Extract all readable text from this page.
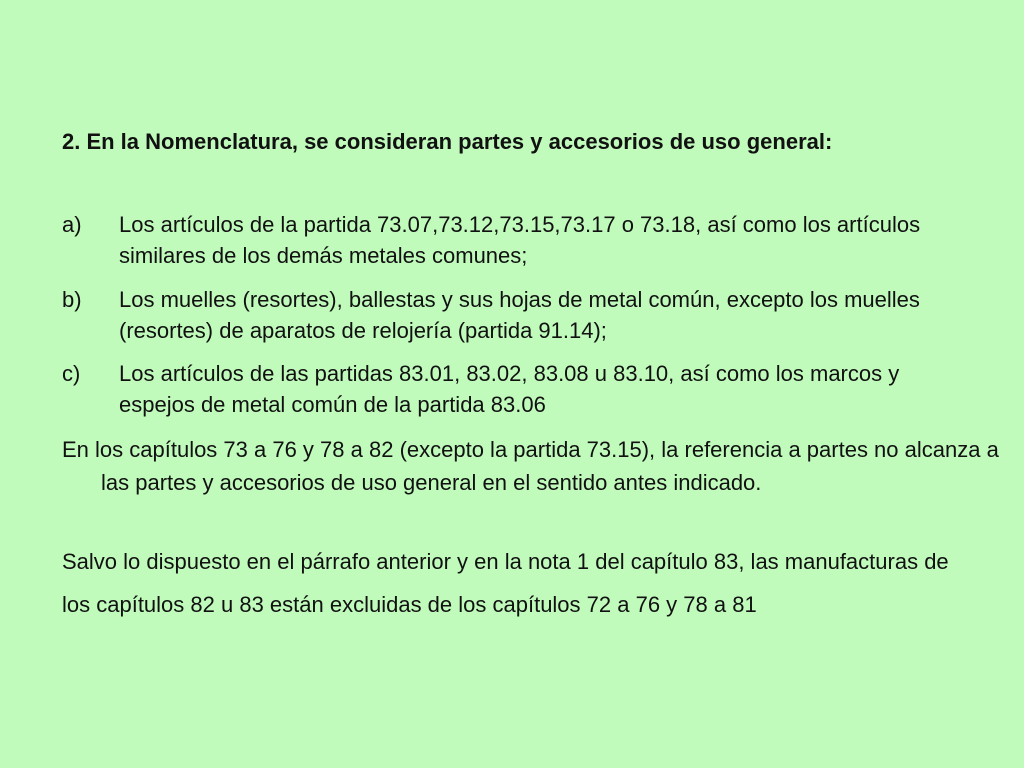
2. En la Nomenclatura, se consideran partes y accesorios de uso general:
a) Los artículos de la partida 73.07,73.12,73.15,73.17 o 73.18, así como los artículos similares de los demás metales comunes;
b) Los muelles (resortes), ballestas y sus hojas de metal común, excepto los muelles (resortes) de aparatos de relojería (partida 91.14);
c) Los artículos de las partidas 83.01, 83.02, 83.08 u 83.10, así como los marcos y espejos de metal común de la partida 83.06
En los capítulos 73 a 76 y 78 a 82 (excepto la partida 73.15), la referencia a partes no alcanza a las partes y accesorios de uso general en el sentido antes indicado.
Salvo lo dispuesto en el párrafo anterior y en la nota 1 del capítulo 83, las manufacturas de los capítulos 82 u 83 están excluidas de los capítulos 72 a 76 y 78 a 81
